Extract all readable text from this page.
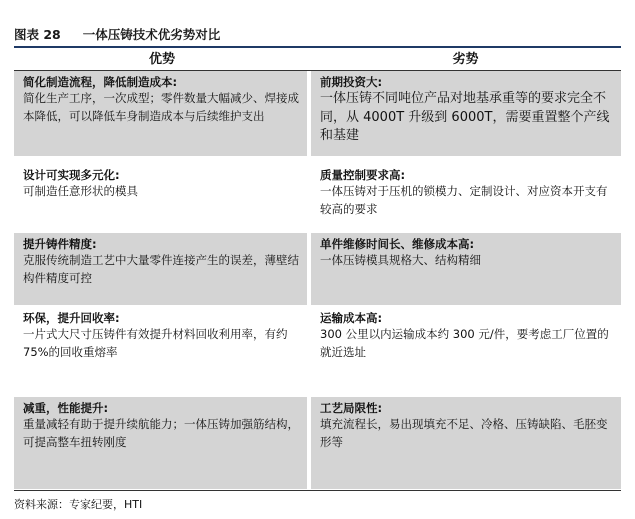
图表 28 一体压铸技术优劣势对比
优势	劣势
简化制造流程，降低制造成本:
简化生产工序，一次成型；零件数量大幅减少、焊接成本降低，可以降低车身制造成本与后续维护支出
前期投资大:
一体压铸不同吨位产品对地基承重等的要求完全不同，从 4000T 升级到 6000T，需要重置整个产线和基建
设计可实现多元化:
可制造任意形状的模具
质量控制要求高:
一体压铸对于压机的锁模力、定制设计、对应资本开支有较高的要求
提升铸件精度:
克服传统制造工艺中大量零件连接产生的误差，薄壁结构件精度可控
单件维修时间长、维修成本高:
一体压铸模具规格大、结构精细
环保，提升回收率:
一片式大尺寸压铸件有效提升材料回收利用率，有约 75%的回收重熔率
运输成本高:
300 公里以内运输成本约 300 元/件，要考虑工厂位置的就近选址
减重，性能提升:
重量减轻有助于提升续航能力；一体压铸加强筋结构，可提高整车扭转刚度
工艺局限性:
填充流程长，易出现填充不足、冷格、压铸缺陷、毛胚变形等
资料来源：专家纪要，HTI
